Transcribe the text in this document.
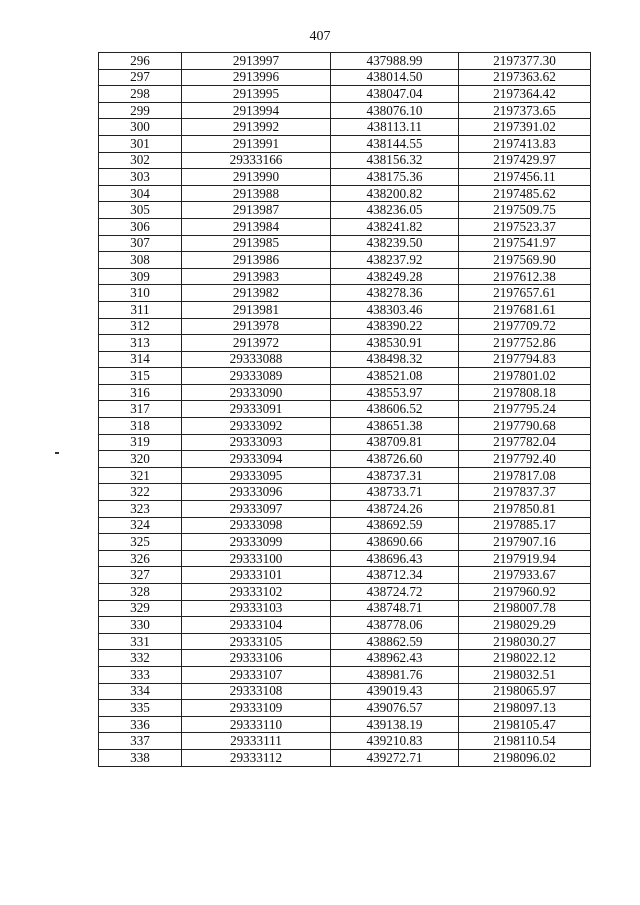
407
296	2913997	437988.99	2197377.30
297	2913996	438014.50	2197363.62
298	2913995	438047.04	2197364.42
299	2913994	438076.10	2197373.65
300	2913992	438113.11	2197391.02
301	2913991	438144.55	2197413.83
302	29333166	438156.32	2197429.97
303	2913990	438175.36	2197456.11
304	2913988	438200.82	2197485.62
305	2913987	438236.05	2197509.75
306	2913984	438241.82	2197523.37
307	2913985	438239.50	2197541.97
308	2913986	438237.92	2197569.90
309	2913983	438249.28	2197612.38
310	2913982	438278.36	2197657.61
311	2913981	438303.46	2197681.61
312	2913978	438390.22	2197709.72
313	2913972	438530.91	2197752.86
314	29333088	438498.32	2197794.83
315	29333089	438521.08	2197801.02
316	29333090	438553.97	2197808.18
317	29333091	438606.52	2197795.24
318	29333092	438651.38	2197790.68
319	29333093	438709.81	2197782.04
320	29333094	438726.60	2197792.40
321	29333095	438737.31	2197817.08
322	29333096	438733.71	2197837.37
323	29333097	438724.26	2197850.81
324	29333098	438692.59	2197885.17
325	29333099	438690.66	2197907.16
326	29333100	438696.43	2197919.94
327	29333101	438712.34	2197933.67
328	29333102	438724.72	2197960.92
329	29333103	438748.71	2198007.78
330	29333104	438778.06	2198029.29
331	29333105	438862.59	2198030.27
332	29333106	438962.43	2198022.12
333	29333107	438981.76	2198032.51
334	29333108	439019.43	2198065.97
335	29333109	439076.57	2198097.13
336	29333110	439138.19	2198105.47
337	29333111	439210.83	2198110.54
338	29333112	439272.71	2198096.02
